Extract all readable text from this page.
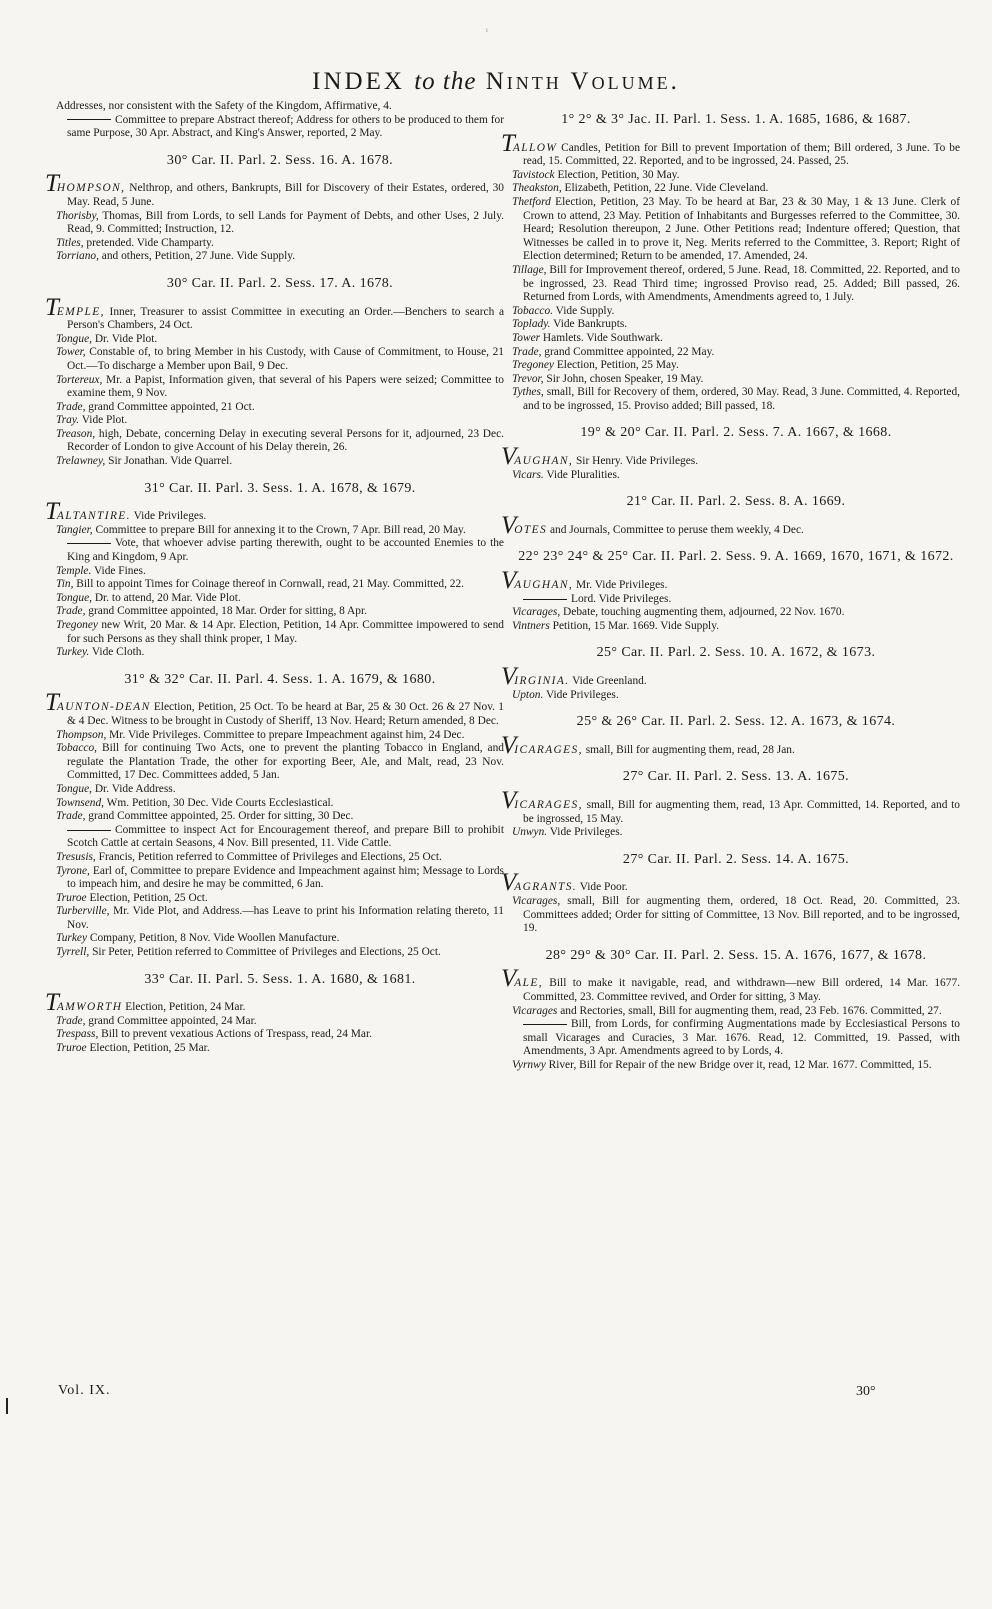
ᵢ
INDEX to the Ninth Volume.
Addresses, nor consistent with the Safety of the Kingdom, Affirmative, 4.
Committee to prepare Abstract thereof; Address for others to be produced to them for same Purpose, 30 Apr. Abstract, and King's Answer, reported, 2 May.
30° Car. II. Parl. 2. Sess. 16. A. 1678.
THOMPSON, Nelthrop, and others, Bankrupts, Bill for Discovery of their Estates, ordered, 30 May. Read, 5 June.
Thorisby, Thomas, Bill from Lords, to sell Lands for Payment of Debts, and other Uses, 2 July. Read, 9. Committed; Instruction, 12.
Titles, pretended. Vide Champarty.
Torriano, and others, Petition, 27 June. Vide Supply.
30° Car. II. Parl. 2. Sess. 17. A. 1678.
TEMPLE, Inner, Treasurer to assist Committee in executing an Order.—Benchers to search a Person's Chambers, 24 Oct.
Tongue, Dr. Vide Plot.
Tower, Constable of, to bring Member in his Custody, with Cause of Commitment, to House, 21 Oct.—To discharge a Member upon Bail, 9 Dec.
Tortereux, Mr. a Papist, Information given, that several of his Papers were seized; Committee to examine them, 9 Nov.
Trade, grand Committee appointed, 21 Oct.
Tray. Vide Plot.
Treason, high, Debate, concerning Delay in executing several Persons for it, adjourned, 23 Dec. Recorder of London to give Account of his Delay therein, 26.
Trelawney, Sir Jonathan. Vide Quarrel.
31° Car. II. Parl. 3. Sess. 1. A. 1678, & 1679.
TALTANTIRE. Vide Privileges.
Tangier, Committee to prepare Bill for annexing it to the Crown, 7 Apr. Bill read, 20 May.
Vote, that whoever advise parting therewith, ought to be accounted Enemies to the King and Kingdom, 9 Apr.
Temple. Vide Fines.
Tin, Bill to appoint Times for Coinage thereof in Cornwall, read, 21 May. Committed, 22.
Tongue, Dr. to attend, 20 Mar. Vide Plot.
Trade, grand Committee appointed, 18 Mar. Order for sitting, 8 Apr.
Tregoney new Writ, 20 Mar. & 14 Apr. Election, Petition, 14 Apr. Committee impowered to send for such Persons as they shall think proper, 1 May.
Turkey. Vide Cloth.
31° & 32° Car. II. Parl. 4. Sess. 1. A. 1679, & 1680.
TAUNTON-DEAN Election, Petition, 25 Oct. To be heard at Bar, 25 & 30 Oct. 26 & 27 Nov. 1 & 4 Dec. Witness to be brought in Custody of Sheriff, 13 Nov. Heard; Return amended, 8 Dec.
Thompson, Mr. Vide Privileges. Committee to prepare Impeachment against him, 24 Dec.
Tobacco, Bill for continuing Two Acts, one to prevent the planting Tobacco in England, and regulate the Plantation Trade, the other for exporting Beer, Ale, and Malt, read, 23 Nov. Committed, 17 Dec. Committees added, 5 Jan.
Tongue, Dr. Vide Address.
Townsend, Wm. Petition, 30 Dec. Vide Courts Ecclesiastical.
Trade, grand Committee appointed, 25. Order for sitting, 30 Dec.
Committee to inspect Act for Encouragement thereof, and prepare Bill to prohibit Scotch Cattle at certain Seasons, 4 Nov. Bill presented, 11. Vide Cattle.
Tresusis, Francis, Petition referred to Committee of Privileges and Elections, 25 Oct.
Tyrone, Earl of, Committee to prepare Evidence and Impeachment against him; Message to Lords to impeach him, and desire he may be committed, 6 Jan.
Truroe Election, Petition, 25 Oct.
Turberville, Mr. Vide Plot, and Address.—has Leave to print his Information relating thereto, 11 Nov.
Turkey Company, Petition, 8 Nov. Vide Woollen Manufacture.
Tyrrell, Sir Peter, Petition referred to Committee of Privileges and Elections, 25 Oct.
33° Car. II. Parl. 5. Sess. 1. A. 1680, & 1681.
TAMWORTH Election, Petition, 24 Mar.
Trade, grand Committee appointed, 24 Mar.
Trespass, Bill to prevent vexatious Actions of Trespass, read, 24 Mar.
Truroe Election, Petition, 25 Mar.
1° 2° & 3° Jac. II. Parl. 1. Sess. 1. A. 1685, 1686, & 1687.
TALLOW Candles, Petition for Bill to prevent Importation of them; Bill ordered, 3 June. To be read, 15. Committed, 22. Reported, and to be ingrossed, 24. Passed, 25.
Tavistock Election, Petition, 30 May.
Theakston, Elizabeth, Petition, 22 June. Vide Cleveland.
Thetford Election, Petition, 23 May. To be heard at Bar, 23 & 30 May, 1 & 13 June. Clerk of Crown to attend, 23 May. Petition of Inhabitants and Burgesses referred to the Committee, 30. Heard; Resolution thereupon, 2 June. Other Petitions read; Indenture offered; Question, that Witnesses be called in to prove it, Neg. Merits referred to the Committee, 3. Report; Right of Election determined; Return to be amended, 17. Amended, 24.
Tillage, Bill for Improvement thereof, ordered, 5 June. Read, 18. Committed, 22. Reported, and to be ingrossed, 23. Read Third time; ingrossed Proviso read, 25. Added; Bill passed, 26. Returned from Lords, with Amendments, Amendments agreed to, 1 July.
Tobacco. Vide Supply.
Toplady. Vide Bankrupts.
Tower Hamlets. Vide Southwark.
Trade, grand Committee appointed, 22 May.
Tregoney Election, Petition, 25 May.
Trevor, Sir John, chosen Speaker, 19 May.
Tythes, small, Bill for Recovery of them, ordered, 30 May. Read, 3 June. Committed, 4. Reported, and to be ingrossed, 15. Proviso added; Bill passed, 18.
19° & 20° Car. II. Parl. 2. Sess. 7. A. 1667, & 1668.
VAUGHAN, Sir Henry. Vide Privileges.
Vicars. Vide Pluralities.
21° Car. II. Parl. 2. Sess. 8. A. 1669.
VOTES and Journals, Committee to peruse them weekly, 4 Dec.
22° 23° 24° & 25° Car. II. Parl. 2. Sess. 9. A. 1669, 1670, 1671, & 1672.
VAUGHAN, Mr. Vide Privileges.
Lord. Vide Privileges.
Vicarages, Debate, touching augmenting them, adjourned, 22 Nov. 1670.
Vintners Petition, 15 Mar. 1669. Vide Supply.
25° Car. II. Parl. 2. Sess. 10. A. 1672, & 1673.
VIRGINIA. Vide Greenland.
Upton. Vide Privileges.
25° & 26° Car. II. Parl. 2. Sess. 12. A. 1673, & 1674.
VICARAGES, small, Bill for augmenting them, read, 28 Jan.
27° Car. II. Parl. 2. Sess. 13. A. 1675.
VICARAGES, small, Bill for augmenting them, read, 13 Apr. Committed, 14. Reported, and to be ingrossed, 15 May.
Unwyn. Vide Privileges.
27° Car. II. Parl. 2. Sess. 14. A. 1675.
VAGRANTS. Vide Poor.
Vicarages, small, Bill for augmenting them, ordered, 18 Oct. Read, 20. Committed, 23. Committees added; Order for sitting of Committee, 13 Nov. Bill reported, and to be ingrossed, 19.
28° 29° & 30° Car. II. Parl. 2. Sess. 15. A. 1676, 1677, & 1678.
VALE, Bill to make it navigable, read, and withdrawn—new Bill ordered, 14 Mar. 1677. Committed, 23. Committee revived, and Order for sitting, 3 May.
Vicarages and Rectories, small, Bill for augmenting them, read, 23 Feb. 1676. Committed, 27.
Bill, from Lords, for confirming Augmentations made by Ecclesiastical Persons to small Vicarages and Curacies, 3 Mar. 1676. Read, 12. Committed, 19. Passed, with Amendments, 3 Apr. Amendments agreed to by Lords, 4.
Vyrnwy River, Bill for Repair of the new Bridge over it, read, 12 Mar. 1677. Committed, 15.
Vol. IX.	30°
